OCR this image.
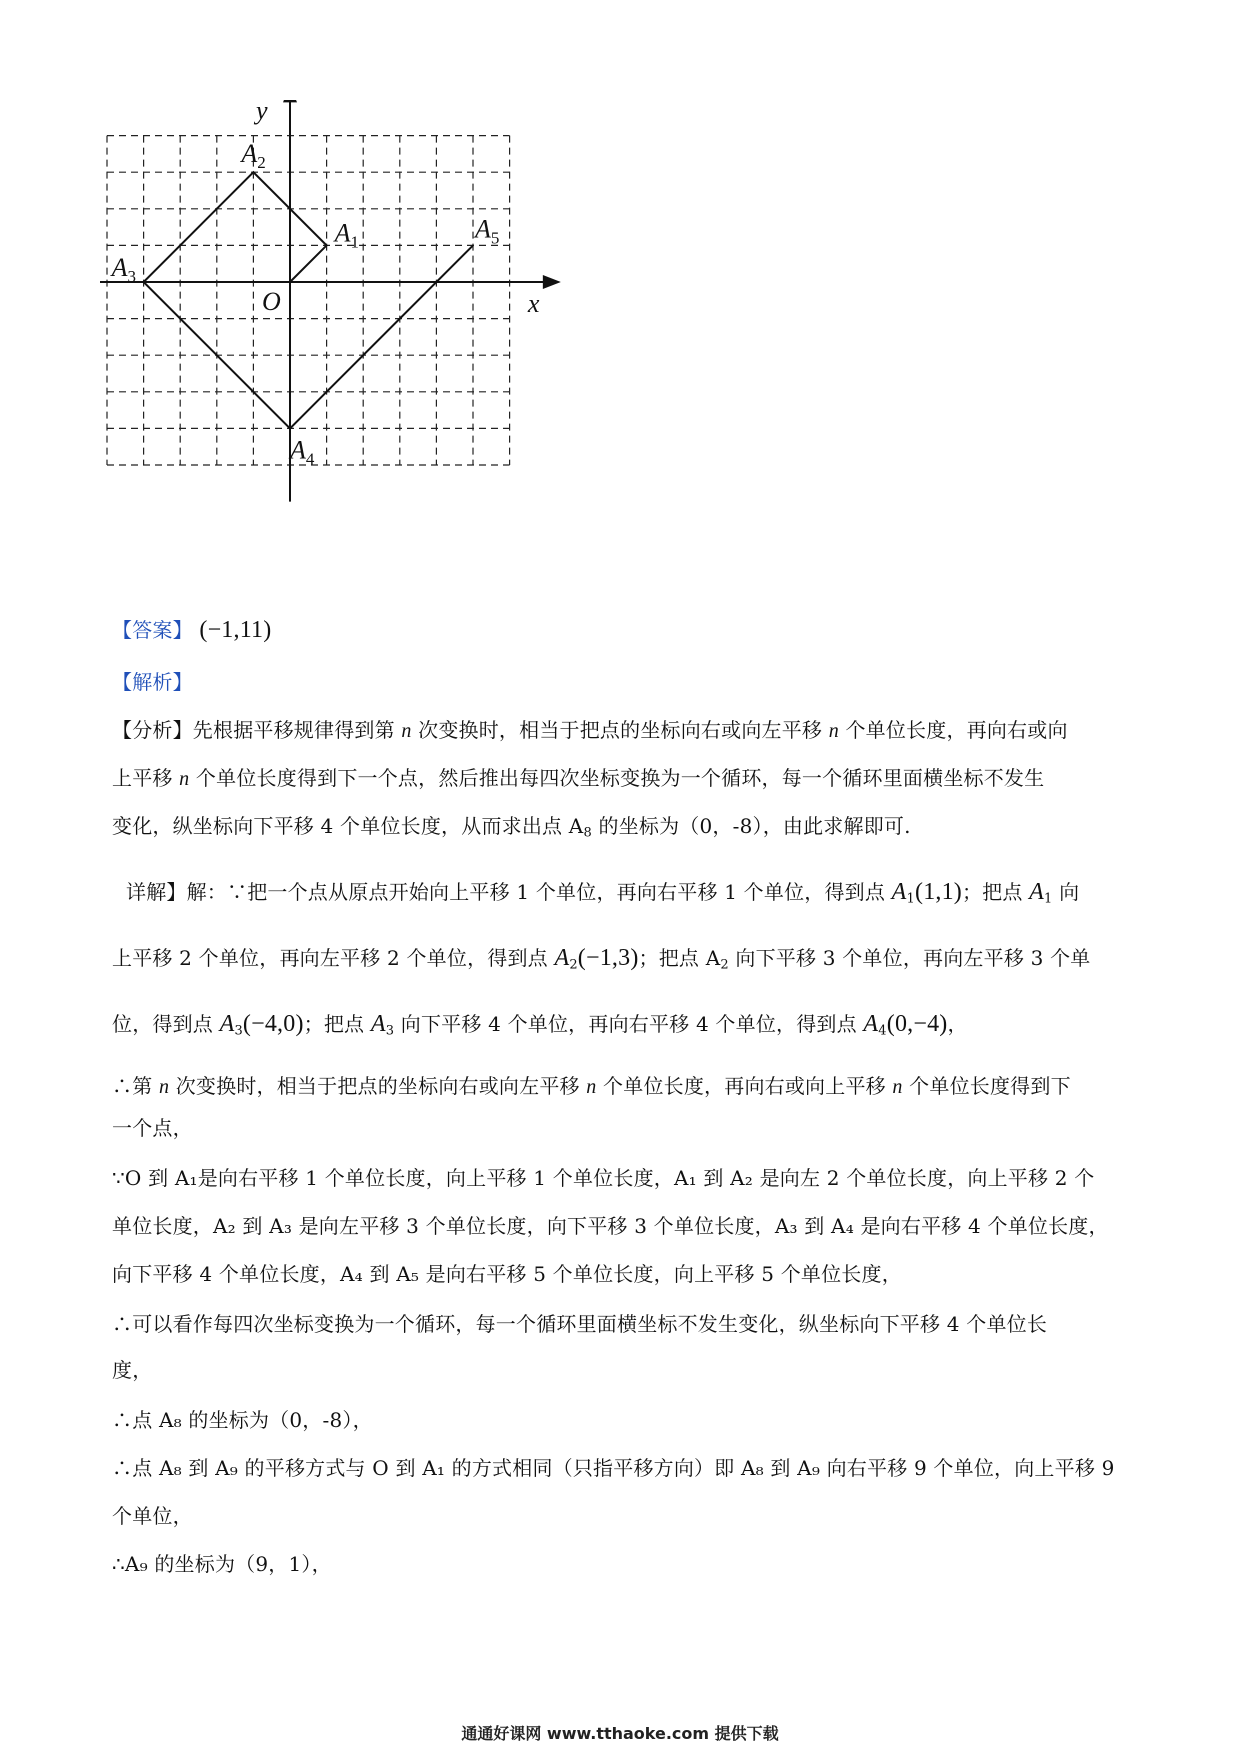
y
x
O
$A_1$
$A_2$
$A_3$
$A_4$
$A_5$
【答案】 (−1,11)
【解析】
【分析】先根据平移规律得到第 n 次变换时，相当于把点的坐标向右或向左平移 n 个单位长度，再向右或向
上平移 n 个单位长度得到下一个点，然后推出每四次坐标变换为一个循环，每一个循环里面横坐标不发生
变化，纵坐标向下平移 4 个单位长度，从而求出点 $A_8$ 的坐标为（0，-8），由此求解即可.
详解】解：∵把一个点从原点开始向上平移 1 个单位，再向右平移 1 个单位，得到点 $A_1(1,1)$；把点 $A_1$ 向
上平移 2 个单位，再向左平移 2 个单位，得到点 $A_2(-1,3)$；把点 $A_2$ 向下平移 3 个单位，再向左平移 3 个单
位，得到点 $A_3(-4,0)$；把点 $A_3$ 向下平移 4 个单位，再向右平移 4 个单位，得到点 $A_4(0,-4)$，
∴第 n 次变换时，相当于把点的坐标向右或向左平移 n 个单位长度，再向右或向上平移 n 个单位长度得到下
一个点，
∵O 到 A₁是向右平移 1 个单位长度，向上平移 1 个单位长度，A₁ 到 A₂ 是向左 2 个单位长度，向上平移 2 个
单位长度，A₂ 到 A₃ 是向左平移 3 个单位长度，向下平移 3 个单位长度，A₃ 到 A₄ 是向右平移 4 个单位长度，
向下平移 4 个单位长度，A₄ 到 A₅ 是向右平移 5 个单位长度，向上平移 5 个单位长度，
∴可以看作每四次坐标变换为一个循环，每一个循环里面横坐标不发生变化，纵坐标向下平移 4 个单位长
度，
∴点 A₈ 的坐标为（0，-8），
∴点 A₈ 到 A₉ 的平移方式与 O 到 A₁ 的方式相同（只指平移方向）即 A₈ 到 A₉ 向右平移 9 个单位，向上平移 9
个单位，
∴A₉ 的坐标为（9，1），
通通好课网 www.tthaoke.com 提供下载
